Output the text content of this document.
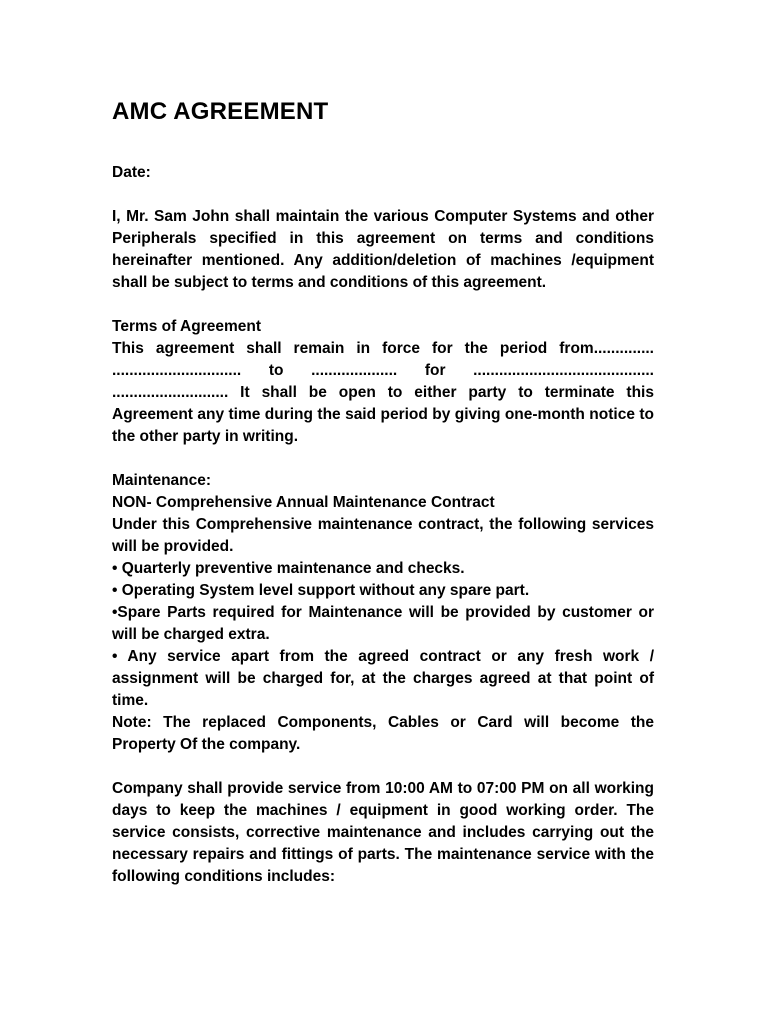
AMC AGREEMENT
Date:
I, Mr. Sam John shall maintain the various Computer Systems and other Peripherals specified in this agreement on terms and conditions hereinafter mentioned. Any addition/deletion of machines /equipment shall be subject to terms and conditions of this agreement.
Terms of Agreement
This agreement shall remain in force for the period from..............
.............................. to .................... for ..........................................
........................... It shall be open to either party to terminate this Agreement any time during the said period by giving one-month notice to the other party in writing.
Maintenance:
NON- Comprehensive Annual Maintenance Contract
Under this Comprehensive maintenance contract, the following services will be provided.
• Quarterly preventive maintenance and checks.
• Operating System level support without any spare part.
•Spare Parts required for Maintenance will be provided by customer or will be charged extra.
• Any service apart from the agreed contract or any fresh work / assignment will be charged for, at the charges agreed at that point of time.
Note: The replaced Components, Cables or Card will become the Property Of the company.
Company shall provide service from 10:00 AM to 07:00 PM on all working days to keep the machines / equipment in good working order. The service consists, corrective maintenance and includes carrying out the necessary repairs and fittings of parts. The maintenance service with the following conditions includes:
